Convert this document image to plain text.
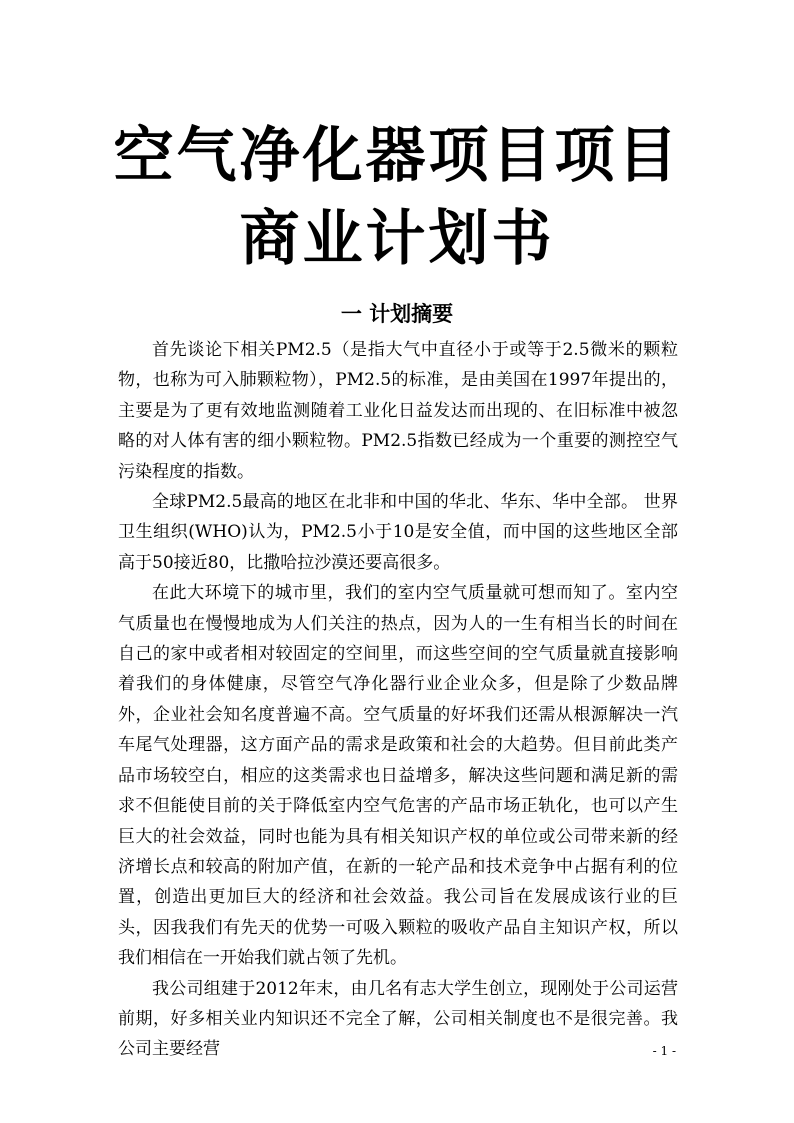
空气净化器项目项目
商业计划书
一 计划摘要

首先谈论下相关PM2.5（是指大气中直径小于或等于2.5微米的颗粒物，也称为可入肺颗粒物），PM2.5的标准，是由美国在1997年提出的，主要是为了更有效地监测随着工业化日益发达而出现的、在旧标准中被忽略的对人体有害的细小颗粒物。PM2.5指数已经成为一个重要的测控空气污染程度的指数。

全球PM2.5最高的地区在北非和中国的华北、华东、华中全部。 世界卫生组织(WHO)认为，PM2.5小于10是安全值，而中国的这些地区全部高于50接近80，比撒哈拉沙漠还要高很多。

在此大环境下的城市里，我们的室内空气质量就可想而知了。室内空气质量也在慢慢地成为人们关注的热点，因为人的一生有相当长的时间在自己的家中或者相对较固定的空间里，而这些空间的空气质量就直接影响着我们的身体健康，尽管空气净化器行业企业众多，但是除了少数品牌外，企业社会知名度普遍不高。空气质量的好坏我们还需从根源解决一汽车尾气处理器，这方面产品的需求是政策和社会的大趋势。但目前此类产品市场较空白，相应的这类需求也日益增多，解决这些问题和满足新的需求不但能使目前的关于降低室内空气危害的产品市场正轨化，也可以产生巨大的社会效益，同时也能为具有相关知识产权的单位或公司带来新的经济增长点和较高的附加产值，在新的一轮产品和技术竞争中占据有利的位置，创造出更加巨大的经济和社会效益。我公司旨在发展成该行业的巨头，因我我们有先天的优势一可吸入颗粒的吸收产品自主知识产权，所以我们相信在一开始我们就占领了先机。

我公司组建于2012年末，由几名有志大学生创立，现刚处于公司运营前期，好多相关业内知识还不完全了解，公司相关制度也不是很完善。我公司主要经营	- 1 -
